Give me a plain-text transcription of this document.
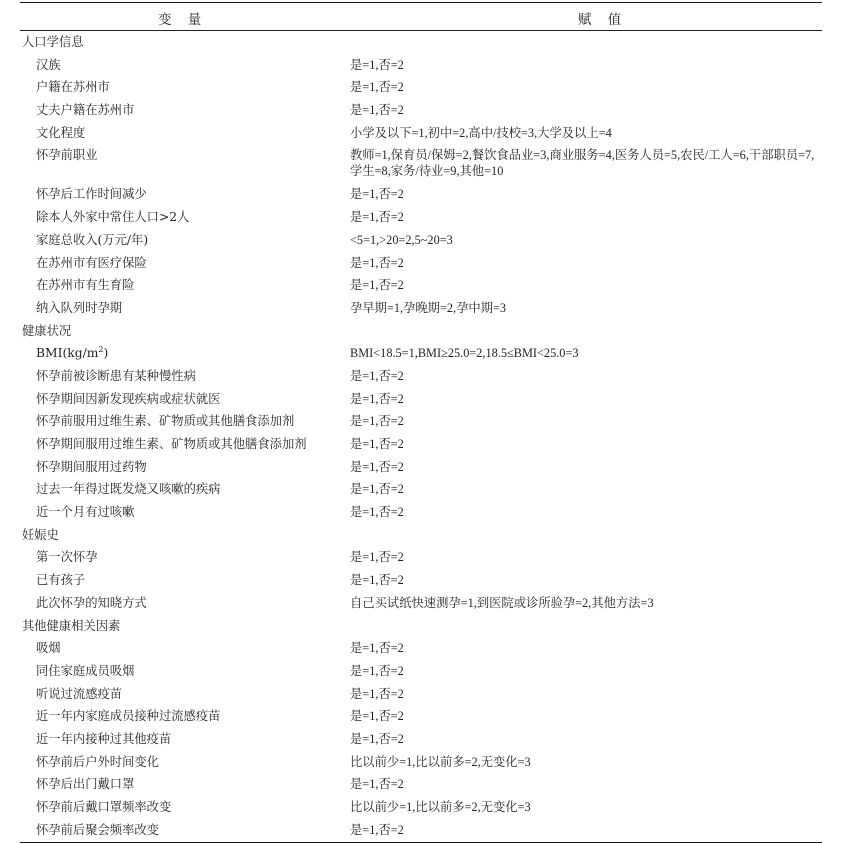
变　量	赋　值
人口学信息
汉族	是=1,否=2
户籍在苏州市	是=1,否=2
丈夫户籍在苏州市	是=1,否=2
文化程度	小学及以下=1,初中=2,高中/技校=3,大学及以上=4
怀孕前职业	教师=1,保育员/保姆=2,餐饮食品业=3,商业服务=4,医务人员=5,农民/工人=6,干部职员=7,学生=8,家务/待业=9,其他=10
怀孕后工作时间减少	是=1,否=2
除本人外家中常住人口>2人	是=1,否=2
家庭总收入(万元/年)	<5=1,>20=2,5~20=3
在苏州市有医疗保险	是=1,否=2
在苏州市有生育险	是=1,否=2
纳入队列时孕期	孕早期=1,孕晚期=2,孕中期=3
健康状况
$BMI(kg/m^2)$	BMI<18.5=1,BMI≥25.0=2,18.5≤BMI<25.0=3
怀孕前被诊断患有某种慢性病	是=1,否=2
怀孕期间因新发现疾病或症状就医	是=1,否=2
怀孕前服用过维生素、矿物质或其他膳食添加剂	是=1,否=2
怀孕期间服用过维生素、矿物质或其他膳食添加剂	是=1,否=2
怀孕期间服用过药物	是=1,否=2
过去一年得过既发烧又咳嗽的疾病	是=1,否=2
近一个月有过咳嗽	是=1,否=2
妊娠史
第一次怀孕	是=1,否=2
已有孩子	是=1,否=2
此次怀孕的知晓方式	自己买试纸快速测孕=1,到医院或诊所验孕=2,其他方法=3
其他健康相关因素
吸烟	是=1,否=2
同住家庭成员吸烟	是=1,否=2
听说过流感疫苗	是=1,否=2
近一年内家庭成员接种过流感疫苗	是=1,否=2
近一年内接种过其他疫苗	是=1,否=2
怀孕前后户外时间变化	比以前少=1,比以前多=2,无变化=3
怀孕后出门戴口罩	是=1,否=2
怀孕前后戴口罩频率改变	比以前少=1,比以前多=2,无变化=3
怀孕前后聚会频率改变	是=1,否=2
